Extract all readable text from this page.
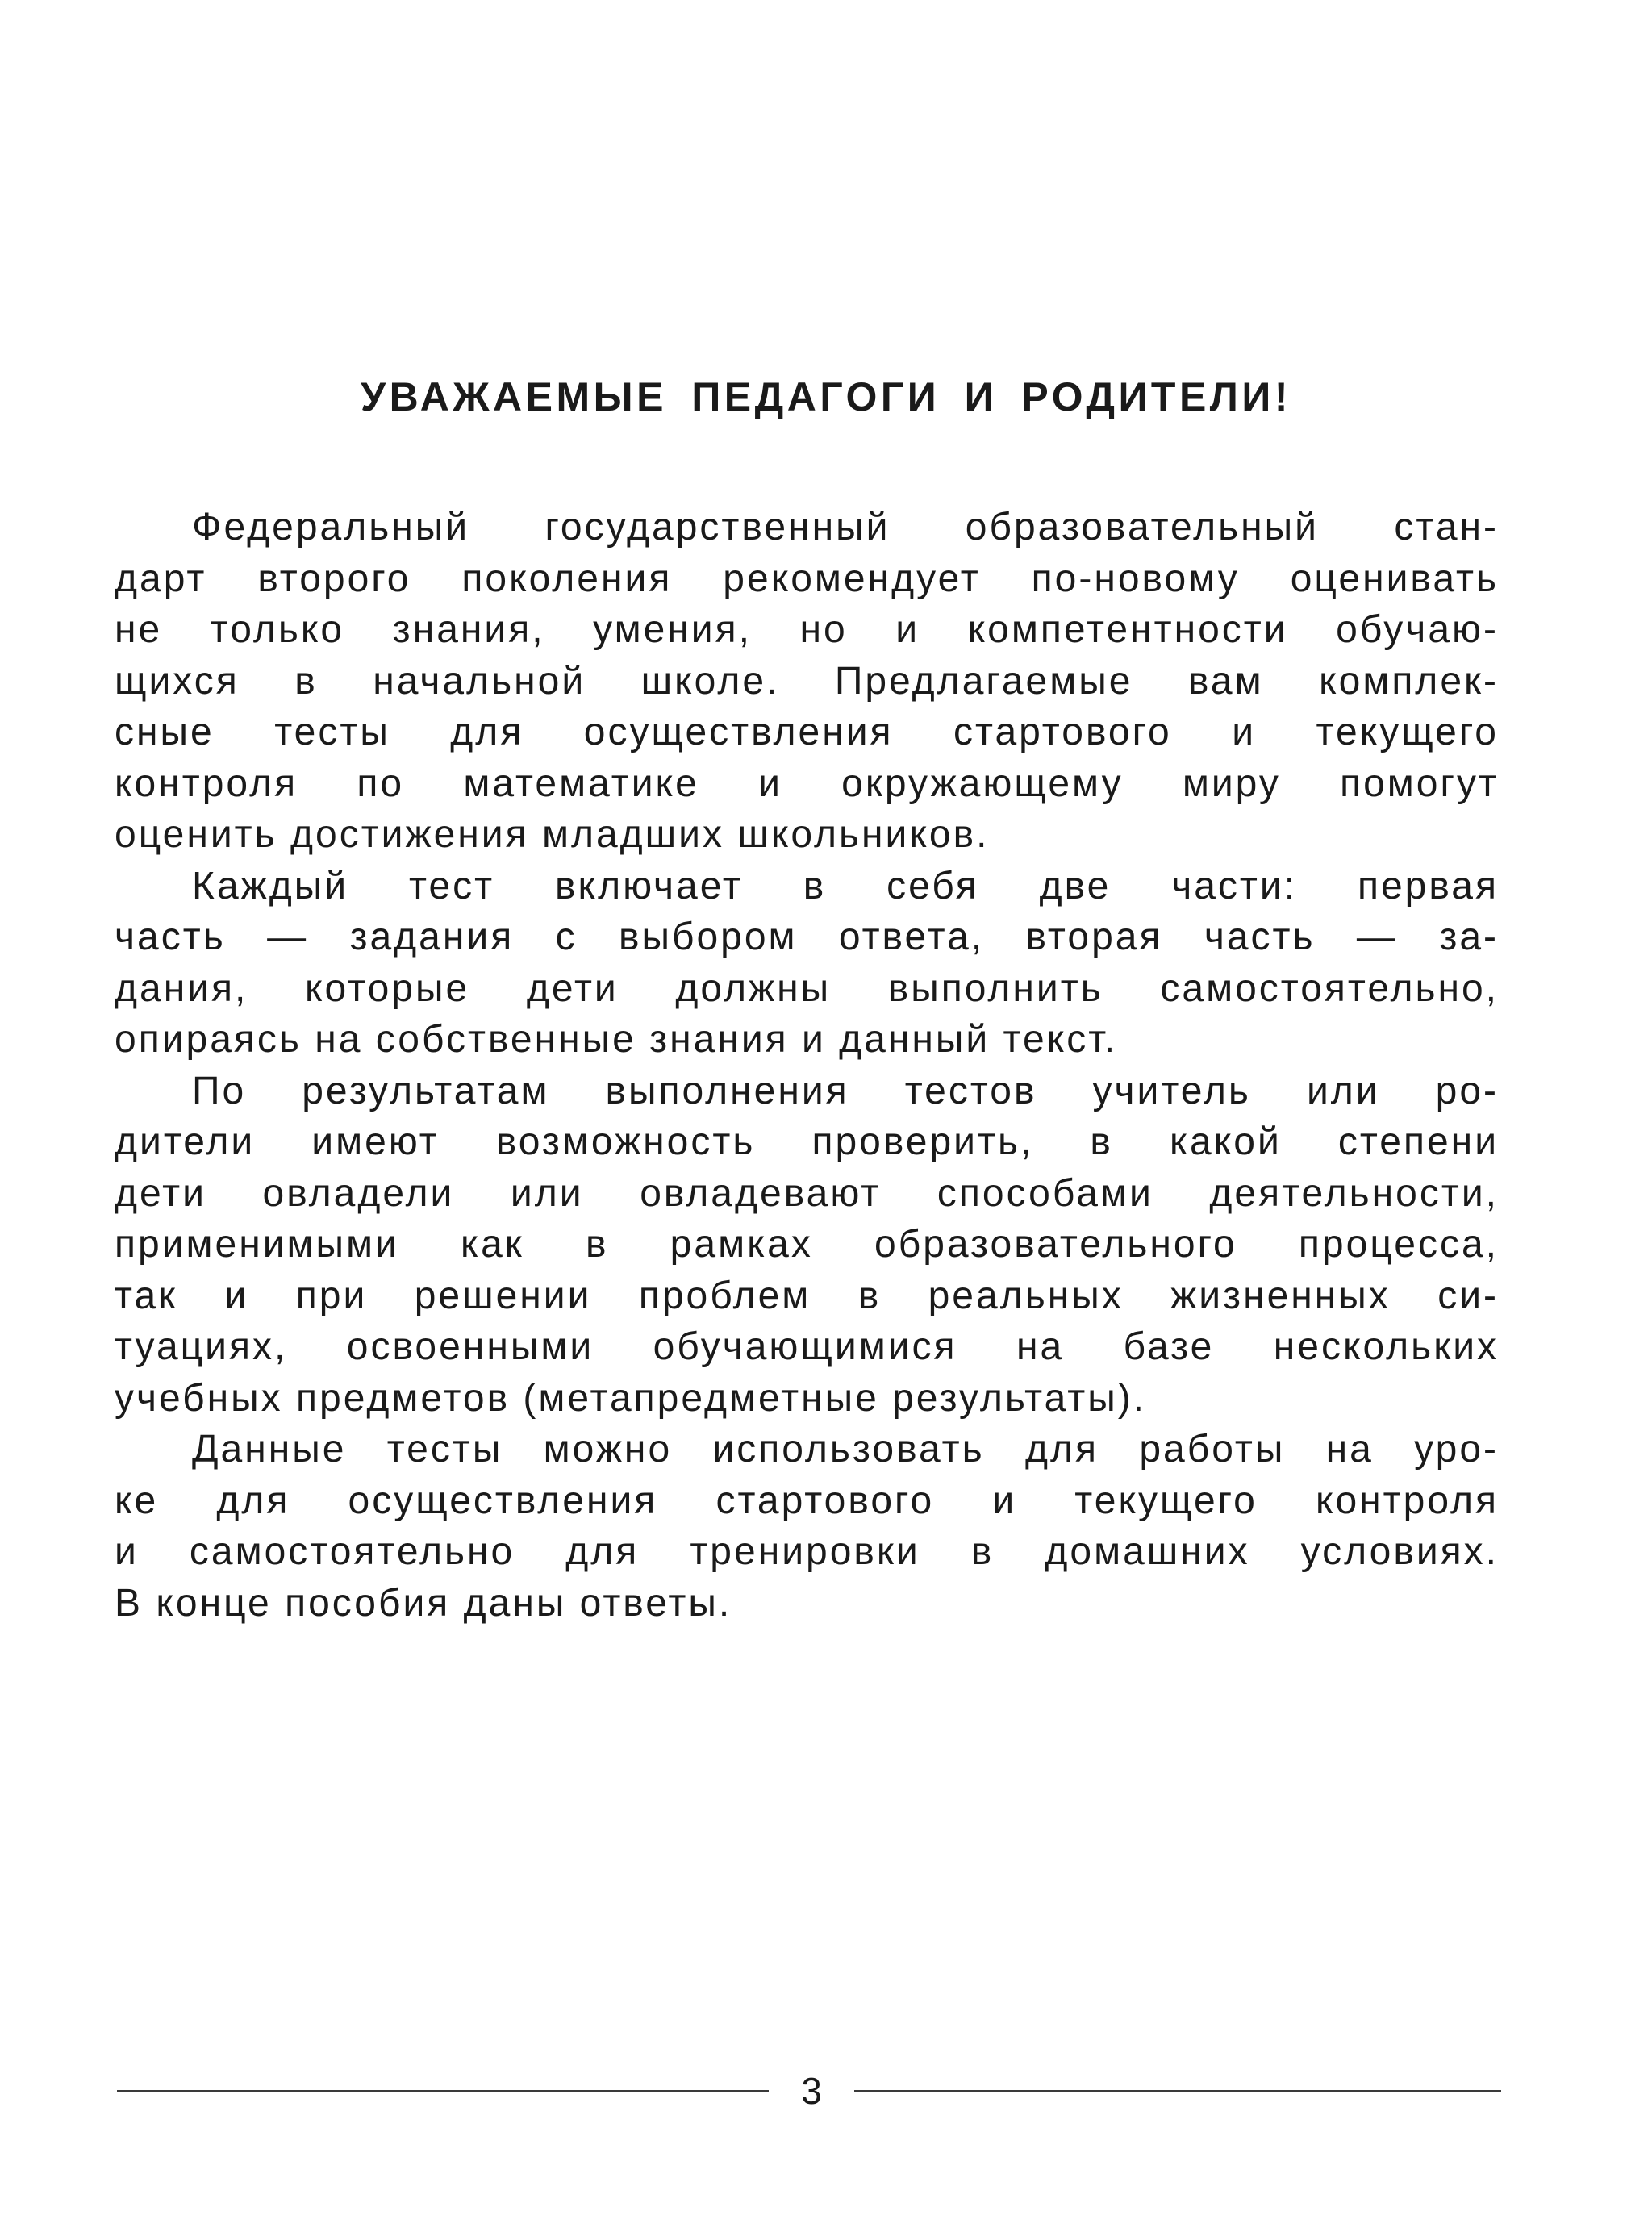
УВАЖАЕМЫЕ ПЕДАГОГИ И РОДИТЕЛИ!
Федеральный государственный образовательный стан-
дарт второго поколения рекомендует по-новому оценивать
не только знания, умения, но и компетентности обучаю-
щихся в начальной школе. Предлагаемые вам комплек-
сные тесты для осуществления стартового и текущего
контроля по математике и окружающему миру помогут
оценить достижения младших школьников.
Каждый тест включает в себя две части: первая
часть — задания с выбором ответа, вторая часть — за-
дания, которые дети должны выполнить самостоятельно,
опираясь на собственные знания и данный текст.
По результатам выполнения тестов учитель или ро-
дители имеют возможность проверить, в какой степени
дети овладели или овладевают способами деятельности,
применимыми как в рамках образовательного процесса,
так и при решении проблем в реальных жизненных си-
туациях, освоенными обучающимися на базе нескольких
учебных предметов (метапредметные результаты).
Данные тесты можно использовать для работы на уро-
ке для осуществления стартового и текущего контроля
и самостоятельно для тренировки в домашних условиях.
В конце пособия даны ответы.
3
